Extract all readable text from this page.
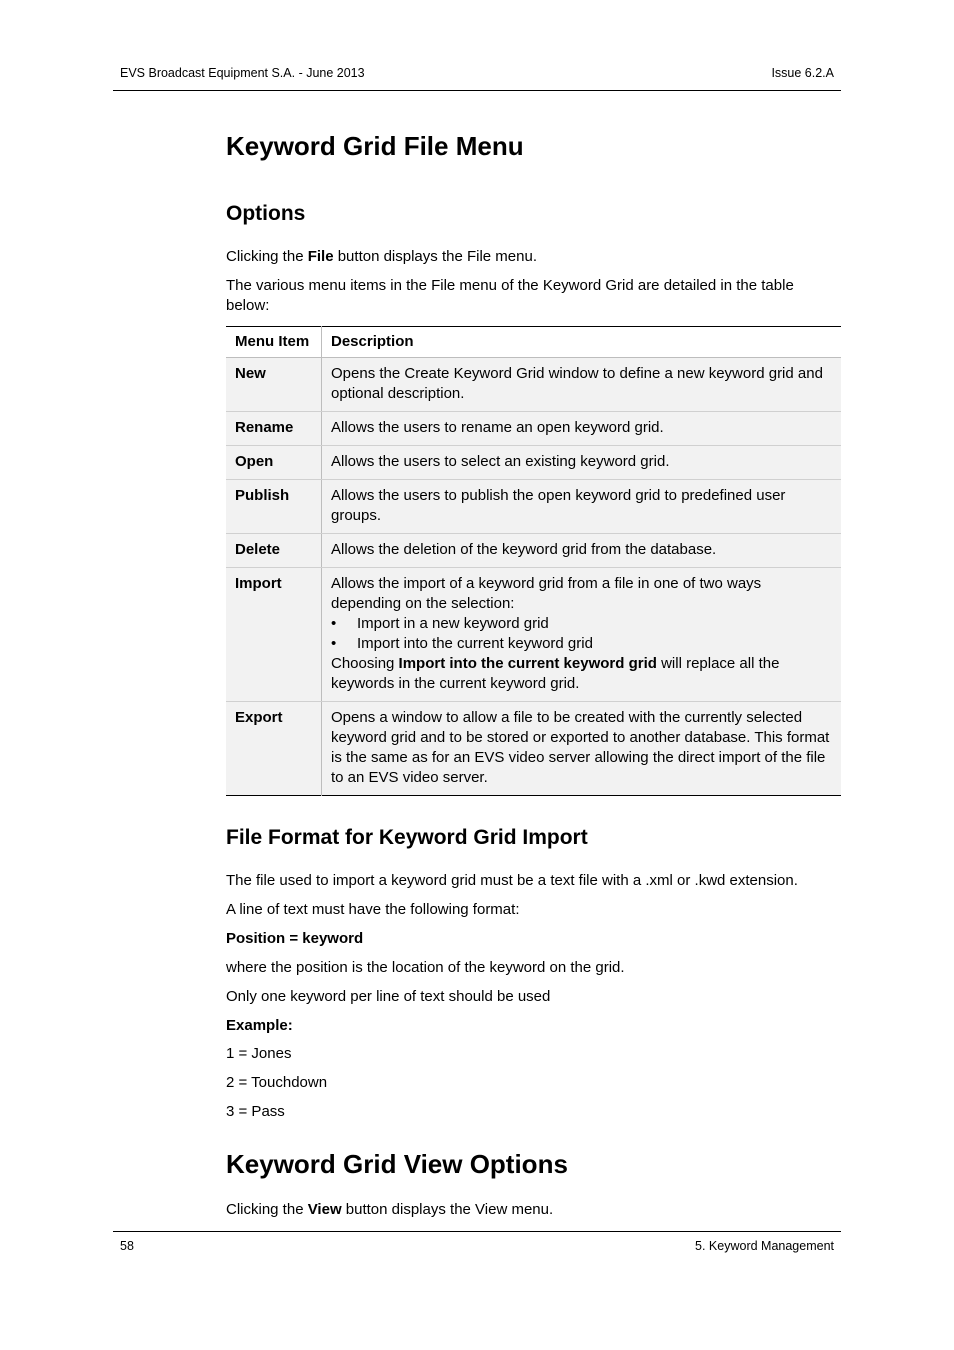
EVS Broadcast Equipment S.A. - June 2013	Issue 6.2.A
Keyword Grid File Menu
Options

Clicking the File button displays the File menu.

The various menu items in the File menu of the Keyword Grid are detailed in the table below:

Menu Item	Description
New	Opens the Create Keyword Grid window to define a new keyword grid and optional description.
Rename	Allows the users to rename an open keyword grid.
Open	Allows the users to select an existing keyword grid.
Publish	Allows the users to publish the open keyword grid to predefined user groups.
Delete	Allows the deletion of the keyword grid from the database.
Import	Allows the import of a keyword grid from a file in one of two ways depending on the selection:
• Import in a new keyword grid
• Import into the current keyword grid
Choosing Import into the current keyword grid will replace all the keywords in the current keyword grid.
Export	Opens a window to allow a file to be created with the currently selected keyword grid and to be stored or exported to another database. This format is the same as for an EVS video server allowing the direct import of the file to an EVS video server.
File Format for Keyword Grid Import

The file used to import a keyword grid must be a text file with a .xml or .kwd extension.

A line of text must have the following format:

Position = keyword

where the position is the location of the keyword on the grid.

Only one keyword per line of text should be used

Example:

1 = Jones

2 = Touchdown

3 = Pass

Keyword Grid View Options

Clicking the View button displays the View menu.

58	5. Keyword Management
